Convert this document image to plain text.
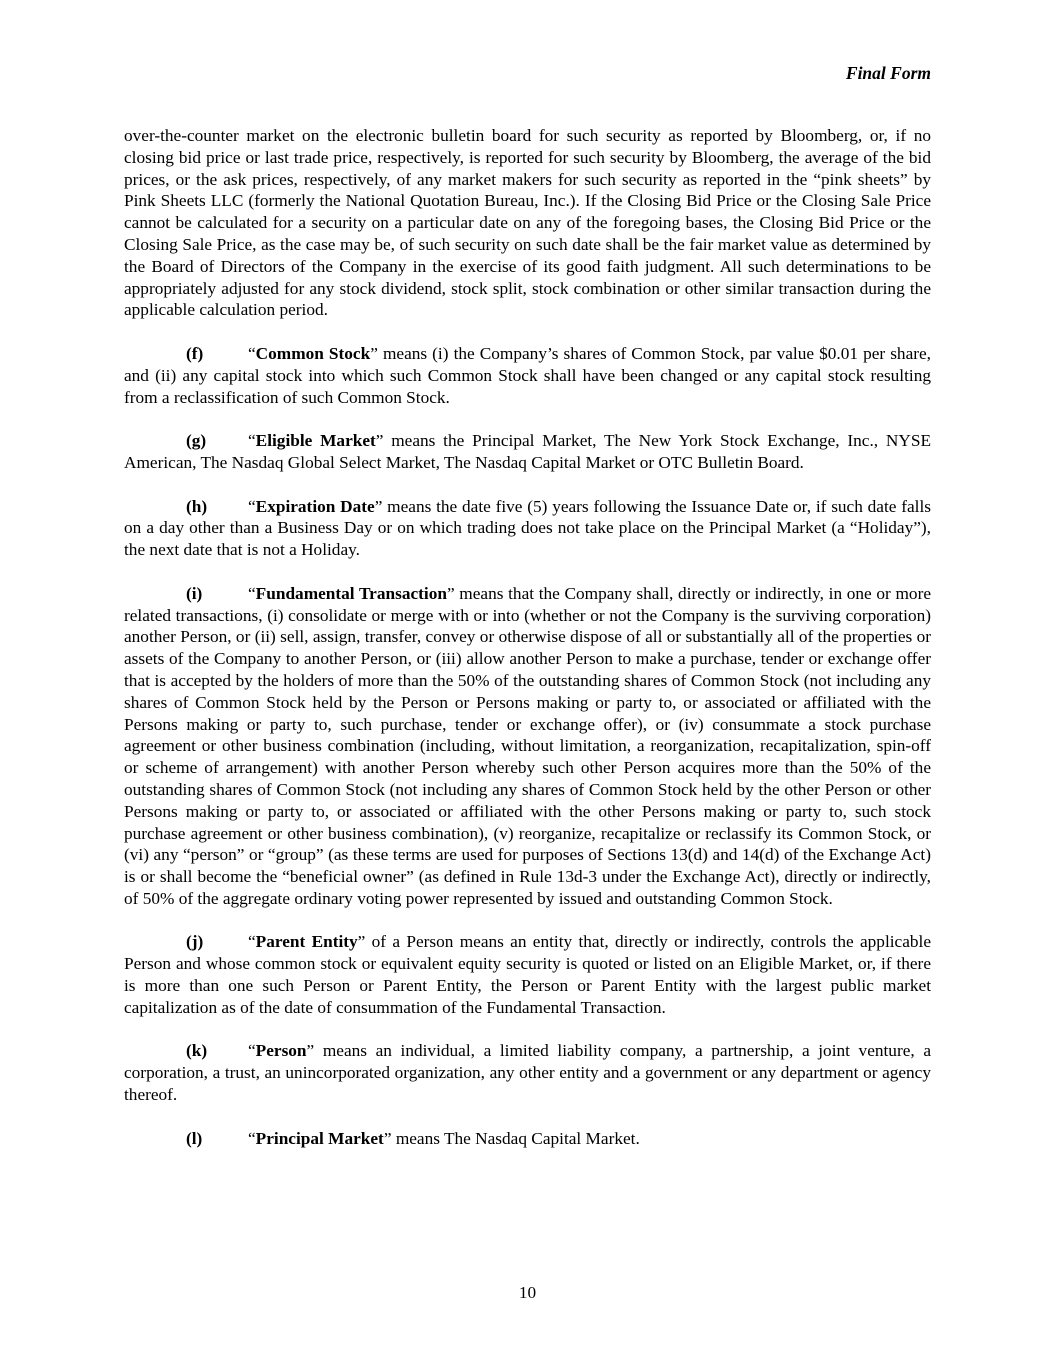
Final Form

over-the-counter market on the electronic bulletin board for such security as reported by Bloomberg, or, if no closing bid price or last trade price, respectively, is reported for such security by Bloomberg, the average of the bid prices, or the ask prices, respectively, of any market makers for such security as reported in the “pink sheets” by Pink Sheets LLC (formerly the National Quotation Bureau, Inc.). If the Closing Bid Price or the Closing Sale Price cannot be calculated for a security on a particular date on any of the foregoing bases, the Closing Bid Price or the Closing Sale Price, as the case may be, of such security on such date shall be the fair market value as determined by the Board of Directors of the Company in the exercise of its good faith judgment. All such determinations to be appropriately adjusted for any stock dividend, stock split, stock combination or other similar transaction during the applicable calculation period.

(f)	“Common Stock” means (i) the Company’s shares of Common Stock, par value $0.01 per share, and (ii) any capital stock into which such Common Stock shall have been changed or any capital stock resulting from a reclassification of such Common Stock.

(g) “Eligible Market” means the Principal Market, The New York Stock Exchange, Inc., NYSE American, The Nasdaq Global Select Market, The Nasdaq Capital Market or OTC Bulletin Board.

(h) “Expiration Date” means the date five (5) years following the Issuance Date or, if such date falls on a day other than a Business Day or on which trading does not take place on the Principal Market (a “Holiday”), the next date that is not a Holiday.

(i)	“Fundamental Transaction” means that the Company shall, directly or indirectly, in one or more related transactions, (i) consolidate or merge with or into (whether or not the Company is the surviving corporation) another Person, or (ii) sell, assign, transfer, convey or otherwise dispose of all or substantially all of the properties or assets of the Company to another Person, or (iii) allow another Person to make a purchase, tender or exchange offer that is accepted by the holders of more than the 50% of the outstanding shares of Common Stock (not including any shares of Common Stock held by the Person or Persons making or party to, or associated or affiliated with the Persons making or party to, such purchase, tender or exchange offer), or (iv) consummate a stock purchase agreement or other business combination (including, without limitation, a reorganization, recapitalization, spin-off or scheme of arrangement) with another Person whereby such other Person acquires more than the 50% of the outstanding shares of Common Stock (not including any shares of Common Stock held by the other Person or other Persons making or party to, or associated or affiliated with the other Persons making or party to, such stock purchase agreement or other business combination), (v) reorganize, recapitalize or reclassify its Common Stock, or (vi) any “person” or “group” (as these terms are used for purposes of Sections 13(d) and 14(d) of the Exchange Act) is or shall become the “beneficial owner” (as defined in Rule 13d-3 under the Exchange Act), directly or indirectly, of 50% of the aggregate ordinary voting power represented by issued and outstanding Common Stock.

(j)	“Parent Entity” of a Person means an entity that, directly or indirectly, controls the applicable Person and whose common stock or equivalent equity security is quoted or listed on an Eligible Market, or, if there is more than one such Person or Parent Entity, the Person or Parent Entity with the largest public market capitalization as of the date of consummation of the Fundamental Transaction.

(k) “Person” means an individual, a limited liability company, a partnership, a joint venture, a corporation, a trust, an unincorporated organization, any other entity and a government or any department or agency thereof.

(l)	“Principal Market” means The Nasdaq Capital Market.

10
